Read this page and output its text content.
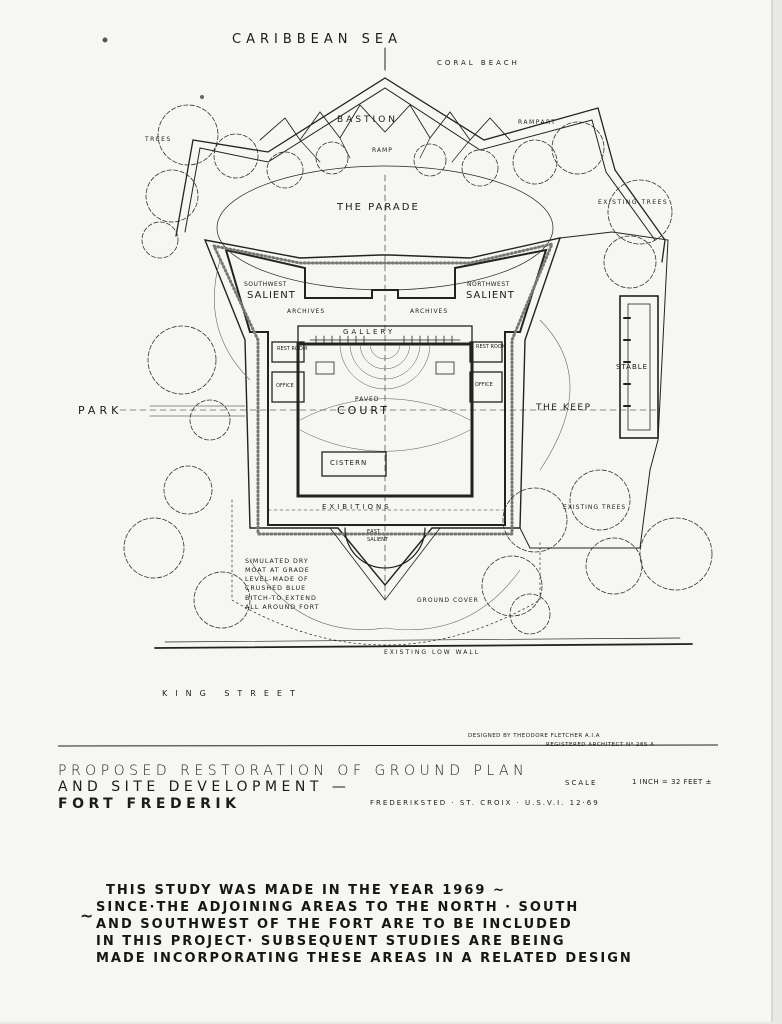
CARIBBEAN SEA
CORAL BEACH
BASTION	RAMPART
TREES
RAMP
EXISTING TREES
THE PARADE
SOUTHWEST
SALIENT
NORTHWEST
SALIENT
ARCHIVES	ARCHIVES
GALLERY
REST ROOM	REST ROOM
STABLE
OFFICE	OFFICE
PAVED
PARK	COURT	THE KEEP
CISTERN
EXIBITIONS	EXISTING TREES
EAST
SALIENT
SIMULATED DRY
MOAT AT GRADE
LEVEL-MADE OF
CRUSHED BLUE
BITCH-TO EXTEND
ALL AROUND FORT
GROUND COVER
EXISTING LOW WALL
KING STREET
DESIGNED BY THEODORE FLETCHER A.I.A
REGISTERED ARCHITECT Nº 285 A
PROPOSED RESTORATION OF GROUND PLAN
AND SITE DEVELOPMENT —	SCALE	1 INCH = 32 FEET ±
FORT FREDERIK	FREDERIKSTED · ST. CROIX · U.S.V.I. 12·69
~
THIS STUDY WAS MADE IN THE YEAR 1969 ~
SINCE·THE ADJOINING AREAS TO THE NORTH · SOUTH
AND SOUTHWEST OF THE FORT ARE TO BE INCLUDED
IN THIS PROJECT· SUBSEQUENT STUDIES ARE BEING
MADE INCORPORATING THESE AREAS IN A RELATED DESIGN
